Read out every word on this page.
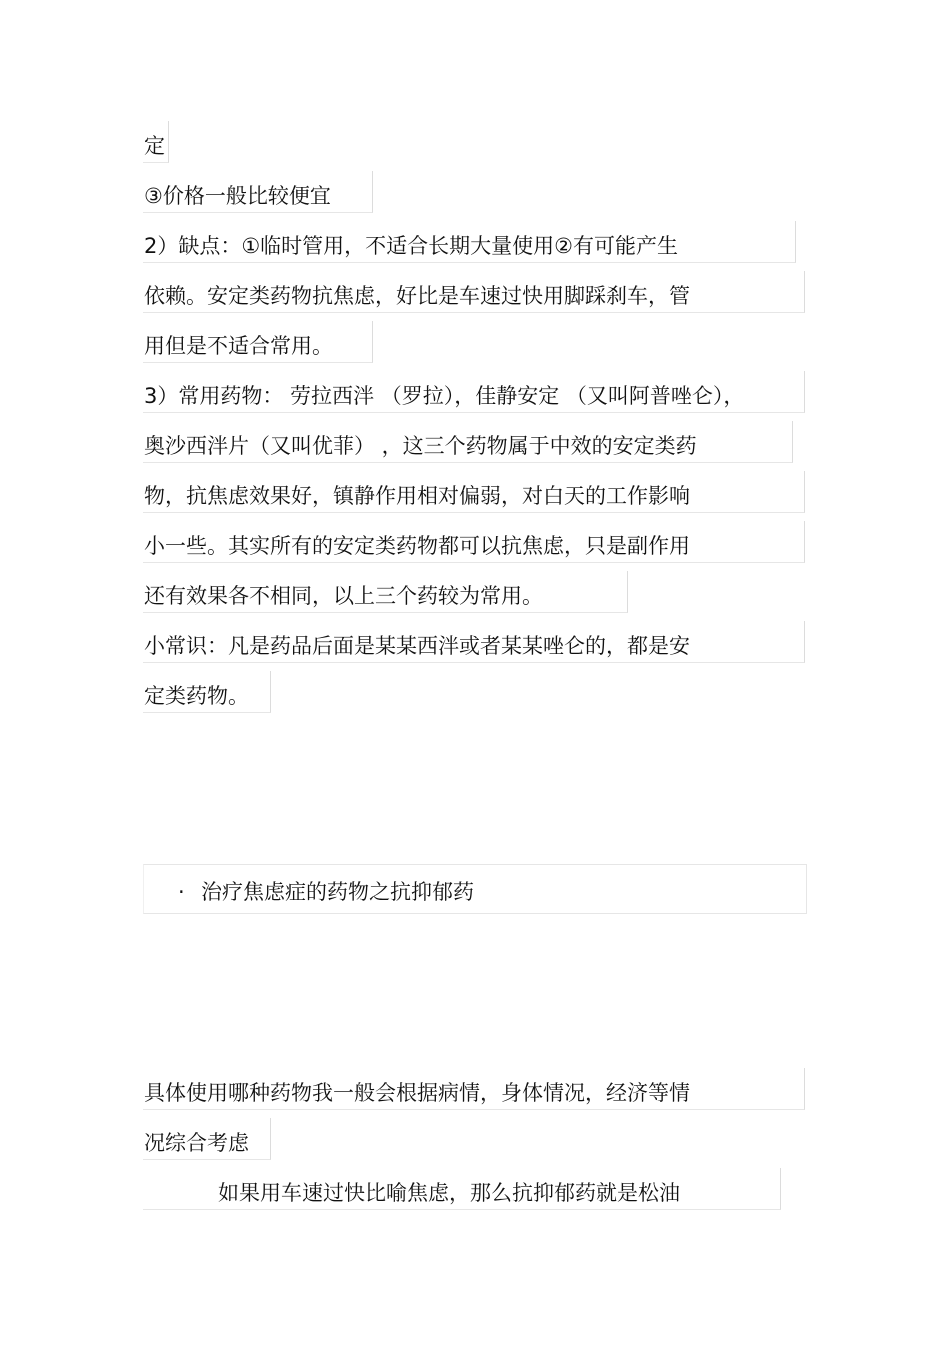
定
③价格一般比较便宜
2）缺点：①临时管用，不适合长期大量使用②有可能产生
依赖。安定类药物抗焦虑，好比是车速过快用脚踩刹车，管
用但是不适合常用。
3）常用药物： 劳拉西泮 （罗拉），佳静安定 （又叫阿普唑仑），
奥沙西泮片（又叫优菲） ，这三个药物属于中效的安定类药
物，抗焦虑效果好，镇静作用相对偏弱，对白天的工作影响
小一些。其实所有的安定类药物都可以抗焦虑，只是副作用
还有效果各不相同，以上三个药较为常用。
小常识：凡是药品后面是某某西泮或者某某唑仑的，都是安
定类药物。
· 治疗焦虑症的药物之抗抑郁药
具体使用哪种药物我一般会根据病情，身体情况，经济等情
况综合考虑
如果用车速过快比喻焦虑，那么抗抑郁药就是松油
